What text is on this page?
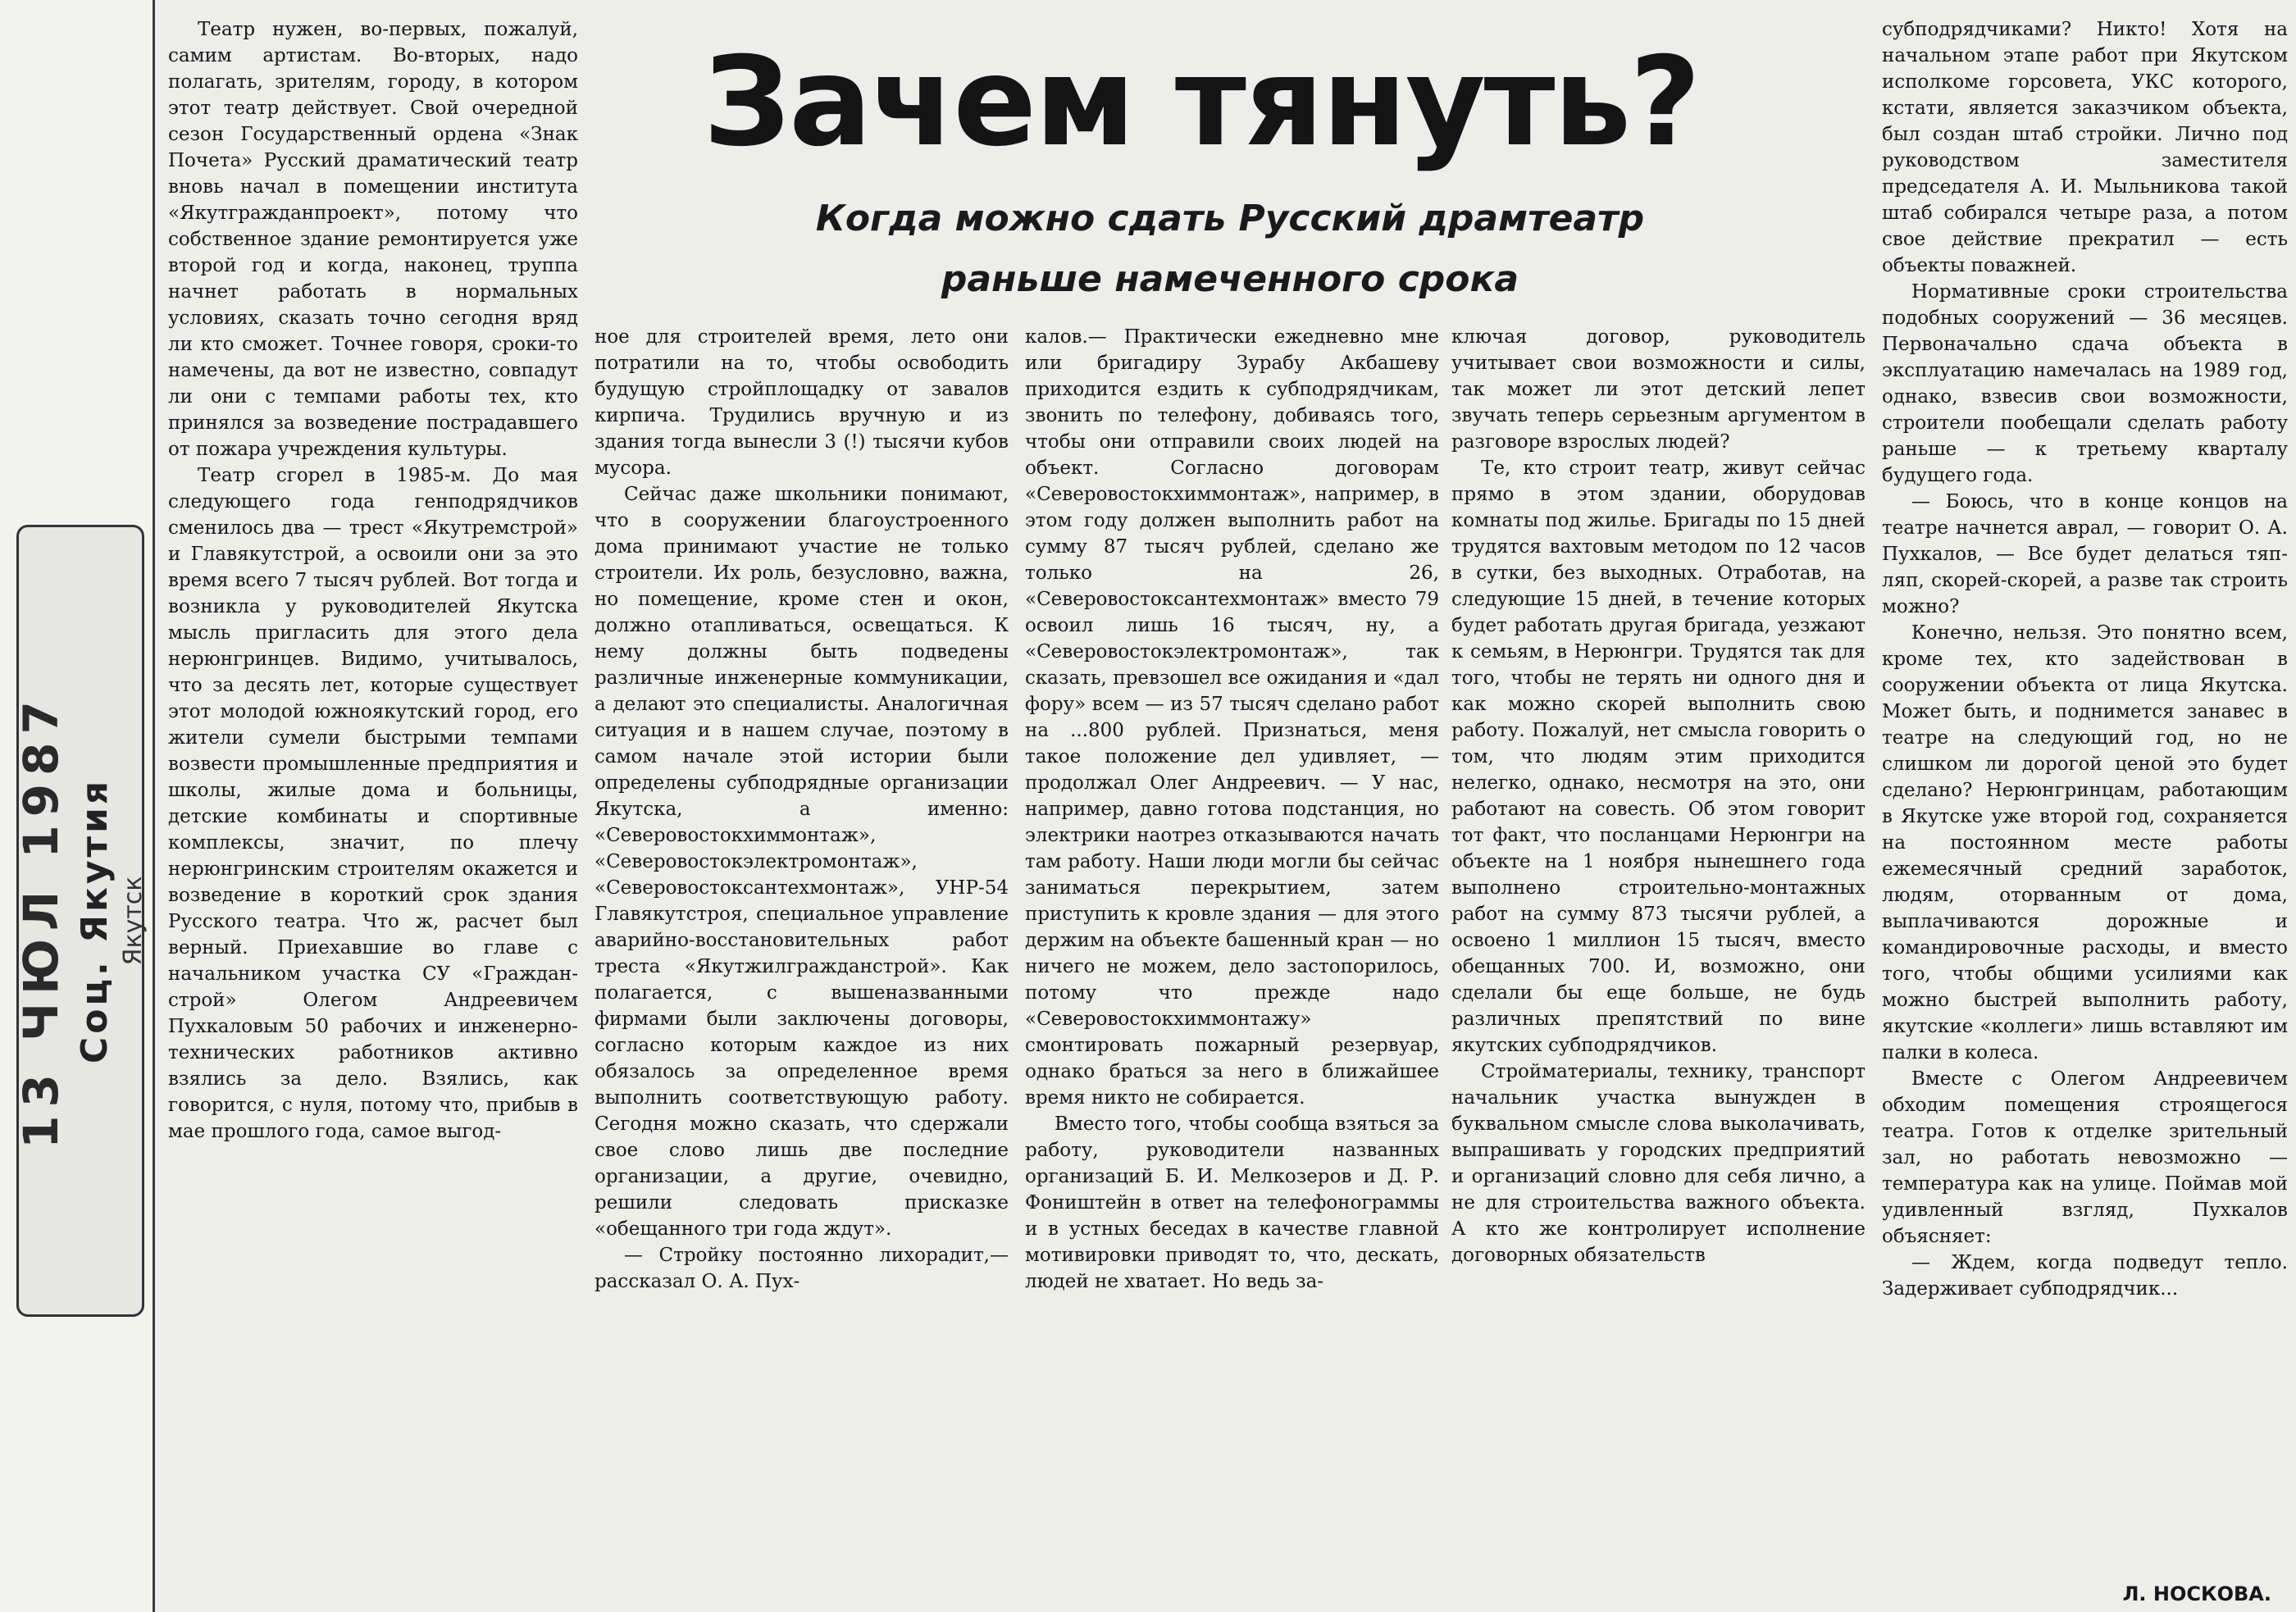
13 ЧЮЛ 1987 Соц. Якутия Якутск
Зачем тянуть?
Когда можно сдать Русский драмтеатр
раньше намеченного срока

Театр нужен, во-первых, пожалуй, самим артистам. Во-вторых, надо полагать, зрителям, городу, в котором этот театр действует. Свой очередной сезон Государственный ордена «Знак Почета» Русский драматический театр вновь начал в помещении института «Якутгражданпроект», потому что собственное здание ремонтируется уже второй год и когда, наконец, труппа начнет работать в нормальных условиях, сказать точно сегодня вряд ли кто сможет. Точнее говоря, сроки-то намечены, да вот не известно, совпадут ли они с темпами работы тех, кто принялся за возведение пострадавшего от пожара учреждения культуры.

Театр сгорел в 1985-м. До мая следующего года генподрядчиков сменилось два — трест «Якутремстрой» и Главякутстрой, а освоили они за это время всего 7 тысяч рублей. Вот тогда и возникла у руководителей Якутска мысль пригласить для этого дела нерюнгринцев. Видимо, учитывалось, что за десять лет, которые существует этот молодой южноякутский город, его жители сумели быстрыми темпами возвести промышленные предприятия и школы, жилые дома и больницы, детские комбинаты и спортивные комплексы, значит, по плечу нерюнгринским строителям окажется и возведение в короткий срок здания Русского театра. Что ж, расчет был верный. Приехавшие во главе с начальником участка СУ «Граждан-строй» Олегом Андреевичем Пухкаловым 50 рабочих и инженерно-технических работников активно взялись за дело. Взялись, как говорится, с нуля, потому что, прибыв в мае прошлого года, самое выгод-

ное для строителей время, лето они потратили на то, чтобы освободить будущую стройплощадку от завалов кирпича. Трудились вручную и из здания тогда вынесли 3 (!) тысячи кубов мусора.

Сейчас даже школьники понимают, что в сооружении благоустроенного дома принимают участие не только строители. Их роль, безусловно, важна, но помещение, кроме стен и окон, должно отапливаться, освещаться. К нему должны быть подведены различные инженерные коммуникации, а делают это специалисты. Аналогичная ситуация и в нашем случае, поэтому в самом начале этой истории были определены субподрядные организации Якутска, а именно: «Северовостокхиммонтаж», «Северовостокэлектромонтаж», «Северовостоксантехмонтаж», УНР-54 Главякутстроя, специальное управление аварийно-восстановительных работ треста «Якутжилгражданстрой». Как полагается, с вышеназванными фирмами были заключены договоры, согласно которым каждое из них обязалось за определенное время выполнить соответствующую работу. Сегодня можно сказать, что сдержали свое слово лишь две последние организации, а другие, очевидно, решили следовать присказке «обещанного три года ждут».

— Стройку постоянно лихорадит,—рассказал О. А. Пух-

калов.— Практически ежедневно мне или бригадиру Зурабу Акбашеву приходится ездить к субподрядчикам, звонить по телефону, добиваясь того, чтобы они отправили своих людей на объект. Согласно договорам «Северовостокхиммонтаж», например, в этом году должен выполнить работ на сумму 87 тысяч рублей, сделано же только на 26, «Северовостоксантехмонтаж» вместо 79 освоил лишь 16 тысяч, ну, а «Северовостокэлектромонтаж», так сказать, превзошел все ожидания и «дал фору» всем — из 57 тысяч сделано работ на ...800 рублей. Признаться, меня такое положение дел удивляет, — продолжал Олег Андреевич. — У нас, например, давно готова подстанция, но электрики наотрез отказываются начать там работу. Наши люди могли бы сейчас заниматься перекрытием, затем приступить к кровле здания — для этого держим на объекте башенный кран — но ничего не можем, дело застопорилось, потому что прежде надо «Северовостокхиммонтажу» смонтировать пожарный резервуар, однако браться за него в ближайшее время никто не собирается.

Вместо того, чтобы сообща взяться за работу, руководители названных организаций Б. И. Мелкозеров и Д. Р. Фоништейн в ответ на телефонограммы и в устных беседах в качестве главной мотивировки приводят то, что, дескать, людей не хватает. Но ведь за-

ключая договор, руководитель учитывает свои возможности и силы, так может ли этот детский лепет звучать теперь серьезным аргументом в разговоре взрослых людей?

Те, кто строит театр, живут сейчас прямо в этом здании, оборудовав комнаты под жилье. Бригады по 15 дней трудятся вахтовым методом по 12 часов в сутки, без выходных. Отработав, на следующие 15 дней, в течение которых будет работать другая бригада, уезжают к семьям, в Нерюнгри. Трудятся так для того, чтобы не терять ни одного дня и как можно скорей выполнить свою работу. Пожалуй, нет смысла говорить о том, что людям этим приходится нелегко, однако, несмотря на это, они работают на совесть. Об этом говорит тот факт, что посланцами Нерюнгри на объекте на 1 ноября нынешнего года выполнено строительно-монтажных работ на сумму 873 тысячи рублей, а освоено 1 миллион 15 тысяч, вместо обещанных 700. И, возможно, они сделали бы еще больше, не будь различных препятствий по вине якутских субподрядчиков.

Стройматериалы, технику, транспорт начальник участка вынужден в буквальном смысле слова выколачивать, выпрашивать у городских предприятий и организаций словно для себя лично, а не для строительства важного объекта. А кто же контролирует исполнение договорных обязательств

субподрядчиками? Никто! Хотя на начальном этапе работ при Якутском исполкоме горсовета, УКС которого, кстати, является заказчиком объекта, был создан штаб стройки. Лично под руководством заместителя председателя А. И. Мыльникова такой штаб собирался четыре раза, а потом свое действие прекратил — есть объекты поважней.

Нормативные сроки строительства подобных сооружений — 36 месяцев. Первоначально сдача объекта в эксплуатацию намечалась на 1989 год, однако, взвесив свои возможности, строители пообещали сделать работу раньше — к третьему кварталу будущего года.

— Боюсь, что в конце концов на театре начнется аврал, — говорит О. А. Пухкалов, — Все будет делаться тяп-ляп, скорей-скорей, а разве так строить можно?

Конечно, нельзя. Это понятно всем, кроме тех, кто задействован в сооружении объекта от лица Якутска. Может быть, и поднимется занавес в театре на следующий год, но не слишком ли дорогой ценой это будет сделано? Нерюнгринцам, работающим в Якутске уже второй год, сохраняется на постоянном месте работы ежемесячный средний заработок, людям, оторванным от дома, выплачиваются дорожные и командировочные расходы, и вместо того, чтобы общими усилиями как можно быстрей выполнить работу, якутские «коллеги» лишь вставляют им палки в колеса.

Вместе с Олегом Андреевичем обходим помещения строящегося театра. Готов к отделке зрительный зал, но работать невозможно — температура как на улице. Поймав мой удивленный взгляд, Пухкалов объясняет:

— Ждем, когда подведут тепло. Задерживает субподрядчик...

Л. НОСКОВА.
